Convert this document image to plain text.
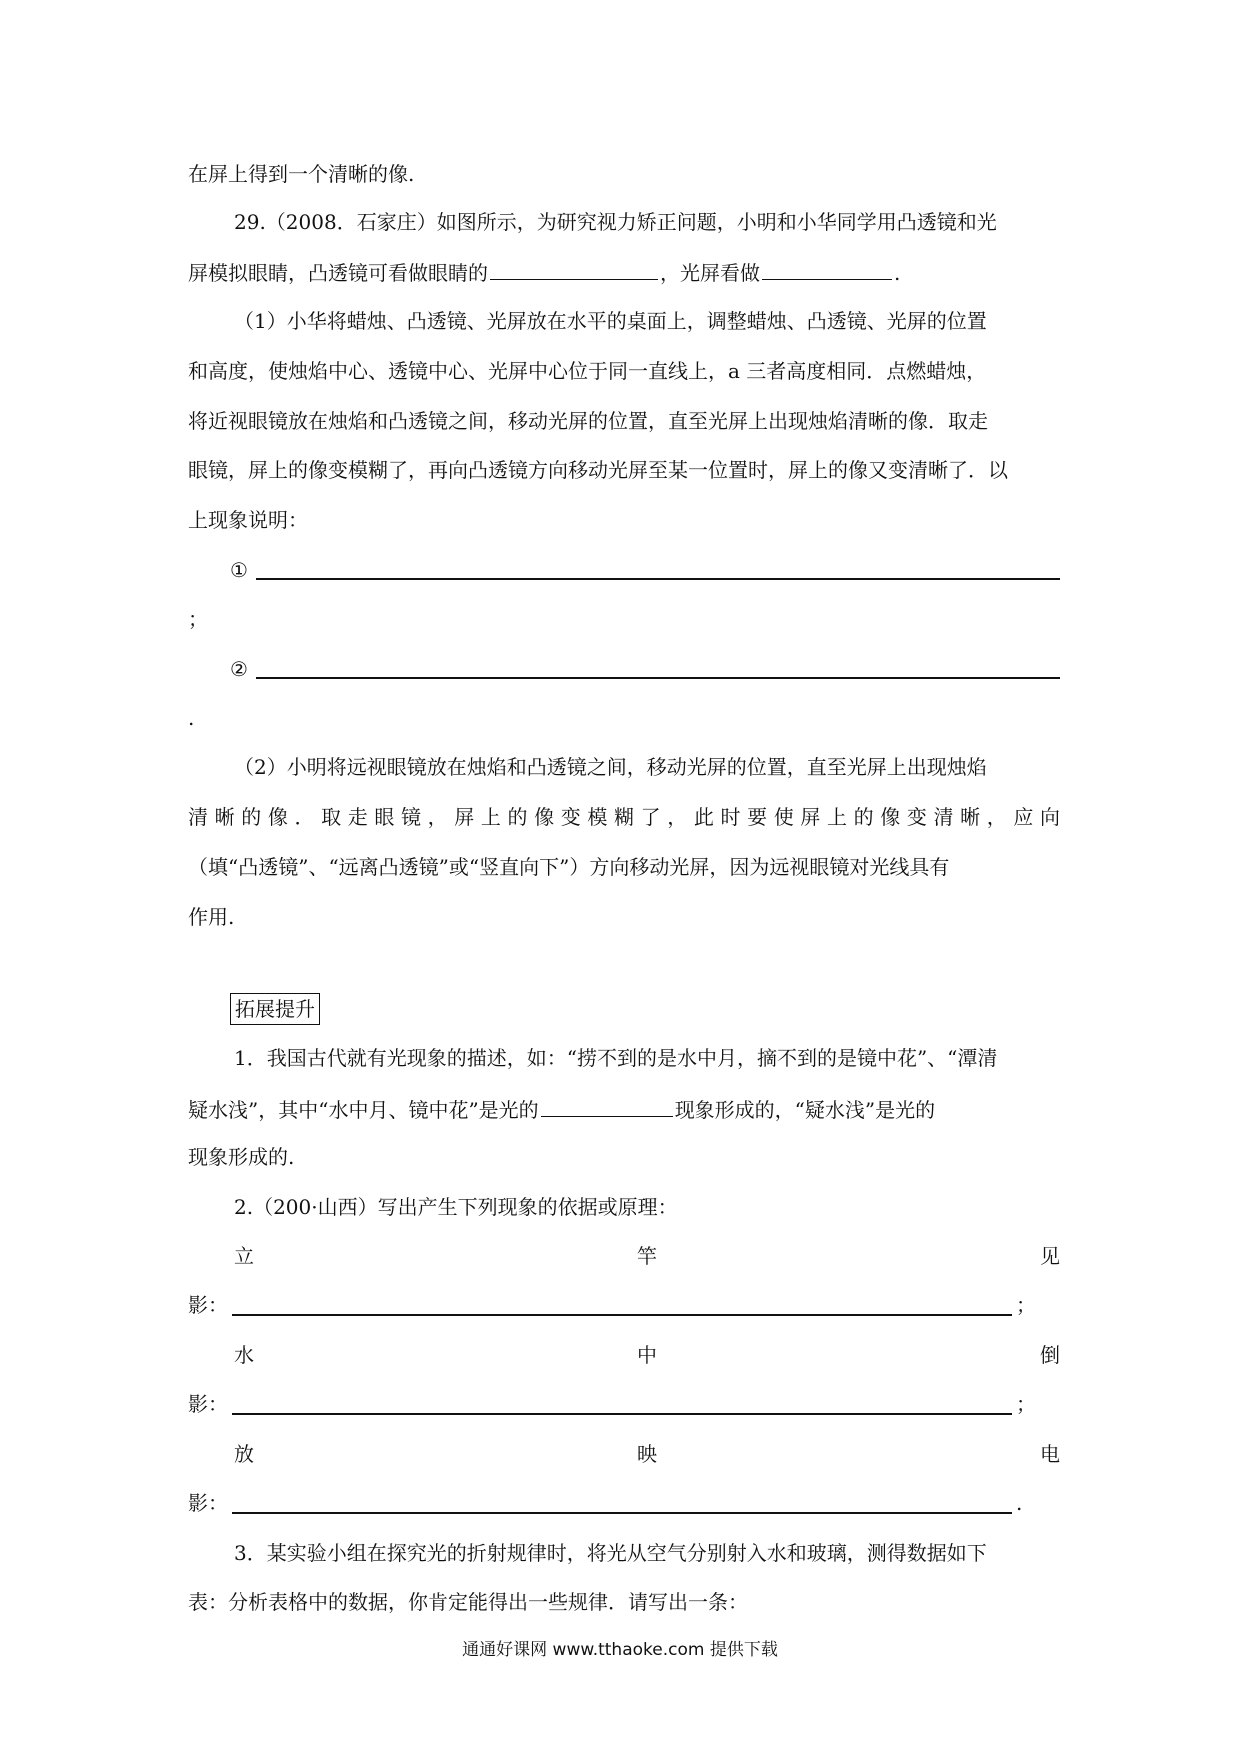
在屏上得到一个清晰的像.
29.（2008．石家庄）如图所示，为研究视力矫正问题，小明和小华同学用凸透镜和光
屏模拟眼睛，凸透镜可看做眼睛的	，光屏看做	.
（1）小华将蜡烛、凸透镜、光屏放在水平的桌面上，调整蜡烛、凸透镜、光屏的位置
和高度，使烛焰中心、透镜中心、光屏中心位于同一直线上，a 三者高度相同．点燃蜡烛，
将近视眼镜放在烛焰和凸透镜之间，移动光屏的位置，直至光屏上出现烛焰清晰的像．取走
眼镜，屏上的像变模糊了，再向凸透镜方向移动光屏至某一位置时，屏上的像又变清晰了．以
上现象说明：
①
；
②
.
（2）小明将远视眼镜放在烛焰和凸透镜之间，移动光屏的位置，直至光屏上出现烛焰
清晰的像．取走眼镜，屏上的像变模糊了，此时要使屏上的像变清晰，应向
（填“凸透镜”、“远离凸透镜”或“竖直向下”）方向移动光屏，因为远视眼镜对光线具有
作用.
拓展提升
1．我国古代就有光现象的描述，如：“捞不到的是水中月，摘不到的是镜中花”、“潭清
疑水浅”，其中“水中月、镜中花”是光的	现象形成的，“疑水浅”是光的
现象形成的.
2.（200·山西）写出产生下列现象的依据或原理：
立	竿	见
影：	；
水	中	倒
影：	；
放	映	电
影：	.
3．某实验小组在探究光的折射规律时，将光从空气分别射入水和玻璃，测得数据如下
表：分析表格中的数据，你肯定能得出一些规律．请写出一条：
通通好课网 www.tthaoke.com 提供下载
